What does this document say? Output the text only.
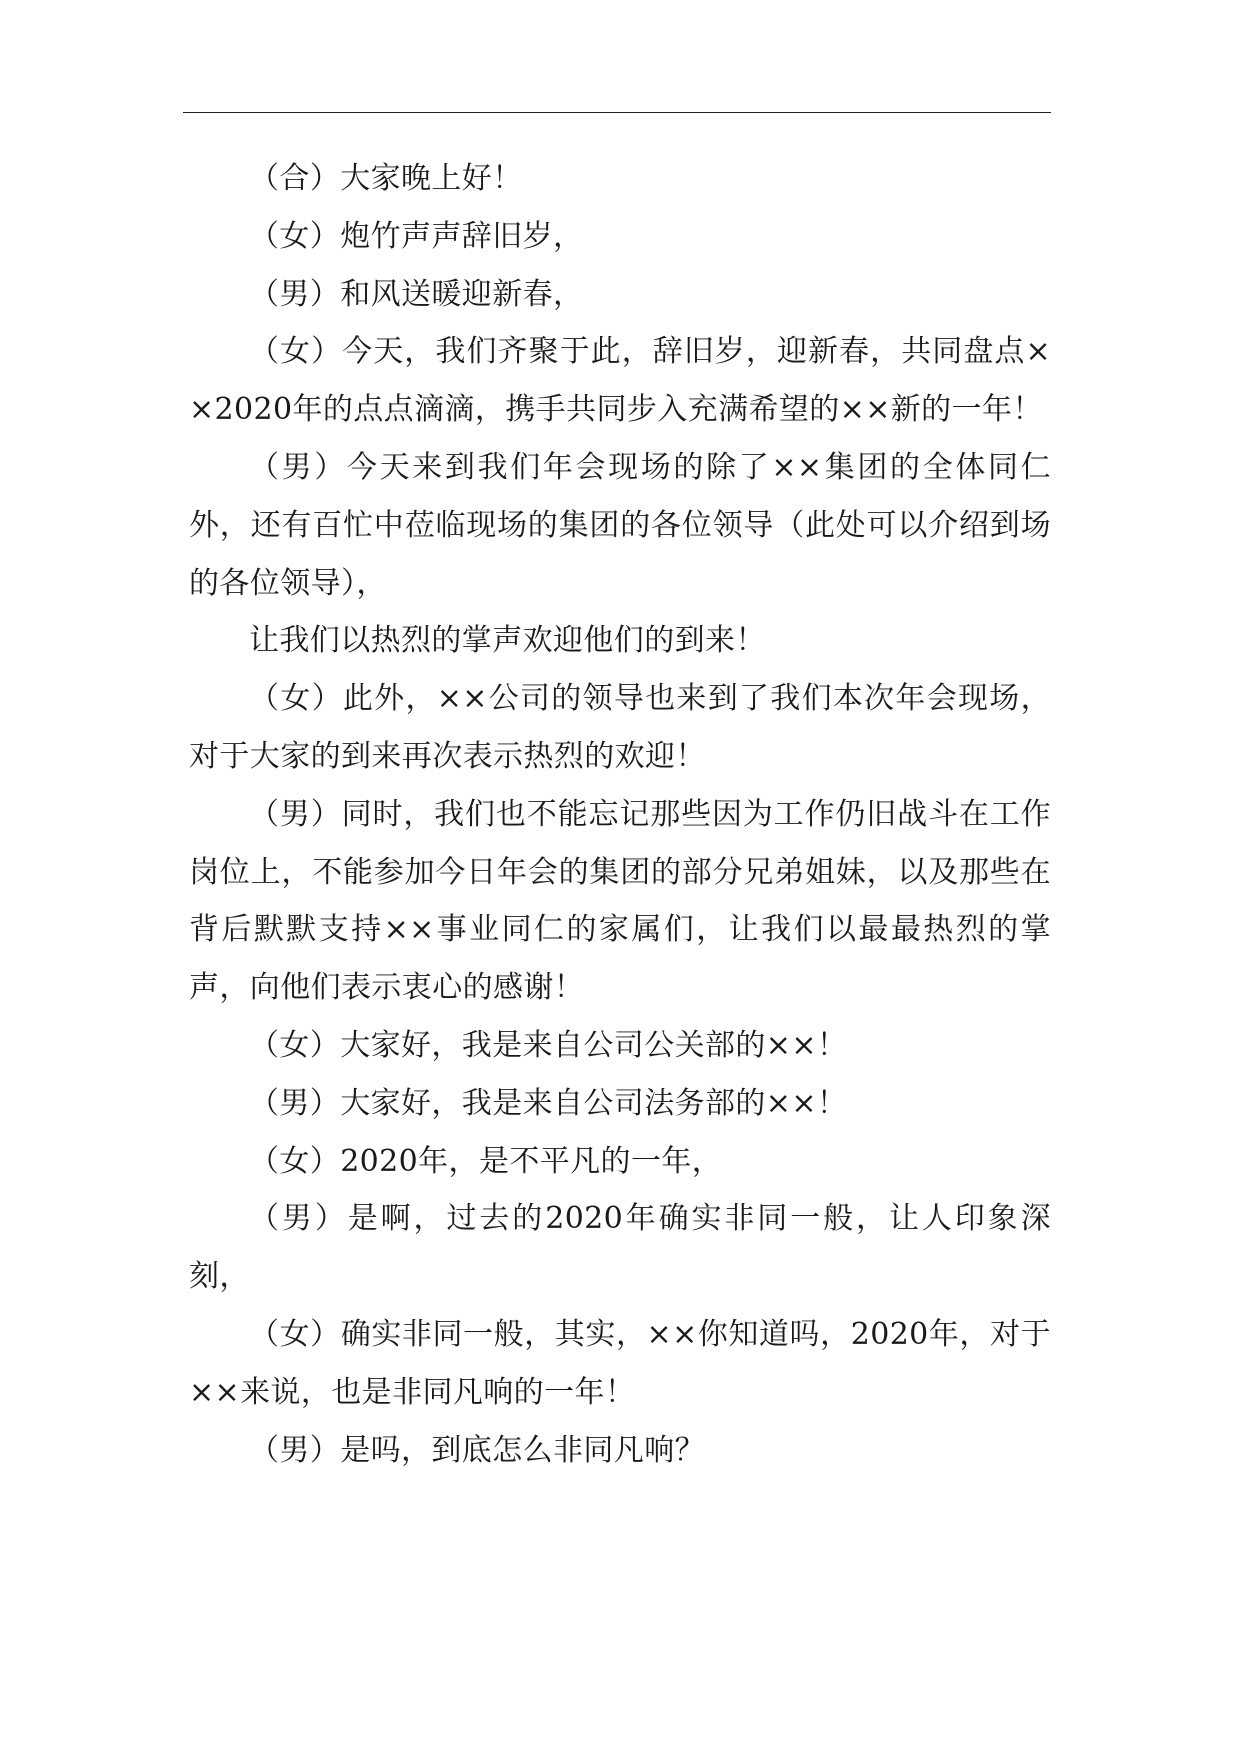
（合）大家晚上好！

（女）炮竹声声辞旧岁，

（男）和风送暖迎新春，

（女）今天，我们齐聚于此，辞旧岁，迎新春，共同盘点××2020年的点点滴滴，携手共同步入充满希望的××新的一年！

（男）今天来到我们年会现场的除了××集团的全体同仁外，还有百忙中莅临现场的集团的各位领导（此处可以介绍到场的各位领导），

让我们以热烈的掌声欢迎他们的到来！

（女）此外，××公司的领导也来到了我们本次年会现场，对于大家的到来再次表示热烈的欢迎！

（男）同时，我们也不能忘记那些因为工作仍旧战斗在工作岗位上，不能参加今日年会的集团的部分兄弟姐妹，以及那些在背后默默支持××事业同仁的家属们，让我们以最最热烈的掌声，向他们表示衷心的感谢！

（女）大家好，我是来自公司公关部的××！

（男）大家好，我是来自公司法务部的××！

（女）2020年，是不平凡的一年，

（男）是啊，过去的2020年确实非同一般，让人印象深刻，

（女）确实非同一般，其实，××你知道吗，2020年，对于××来说，也是非同凡响的一年！

（男）是吗，到底怎么非同凡响？
